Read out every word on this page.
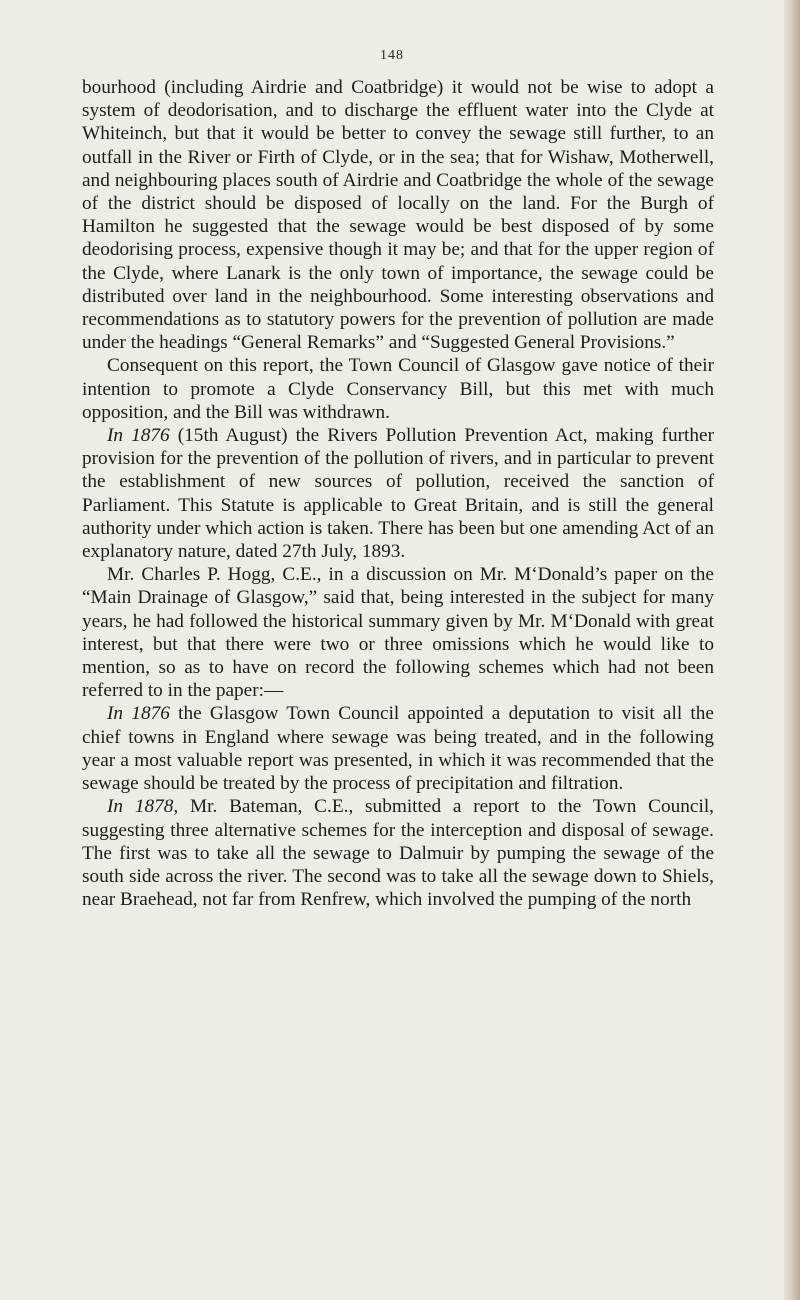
148

bourhood (including Airdrie and Coatbridge) it would not be wise to adopt a system of deodorisation, and to discharge the effluent water into the Clyde at Whiteinch, but that it would be better to convey the sewage still further, to an outfall in the River or Firth of Clyde, or in the sea; that for Wishaw, Motherwell, and neighbouring places south of Airdrie and Coatbridge the whole of the sewage of the district should be disposed of locally on the land. For the Burgh of Hamilton he suggested that the sewage would be best disposed of by some deodorising process, expensive though it may be; and that for the upper region of the Clyde, where Lanark is the only town of importance, the sewage could be distributed over land in the neighbourhood. Some interesting observations and recommendations as to statutory powers for the prevention of pollution are made under the headings “General Remarks” and “Suggested General Provisions.”

Consequent on this report, the Town Council of Glasgow gave notice of their intention to promote a Clyde Conservancy Bill, but this met with much opposition, and the Bill was withdrawn.

In 1876 (15th August) the Rivers Pollution Prevention Act, making further provision for the prevention of the pollution of rivers, and in particular to prevent the establishment of new sources of pollution, received the sanction of Parliament. This Statute is applicable to Great Britain, and is still the general authority under which action is taken. There has been but one amending Act of an explanatory nature, dated 27th July, 1893.

Mr. Charles P. Hogg, C.E., in a discussion on Mr. M‘Donald’s paper on the “Main Drainage of Glasgow,” said that, being interested in the subject for many years, he had followed the historical summary given by Mr. M‘Donald with great interest, but that there were two or three omissions which he would like to mention, so as to have on record the following schemes which had not been referred to in the paper:—

In 1876 the Glasgow Town Council appointed a deputation to visit all the chief towns in England where sewage was being treated, and in the following year a most valuable report was presented, in which it was recommended that the sewage should be treated by the process of precipitation and filtration.

In 1878, Mr. Bateman, C.E., submitted a report to the Town Council, suggesting three alternative schemes for the interception and disposal of sewage. The first was to take all the sewage to Dalmuir by pumping the sewage of the south side across the river. The second was to take all the sewage down to Shiels, near Braehead, not far from Renfrew, which involved the pumping of the north
